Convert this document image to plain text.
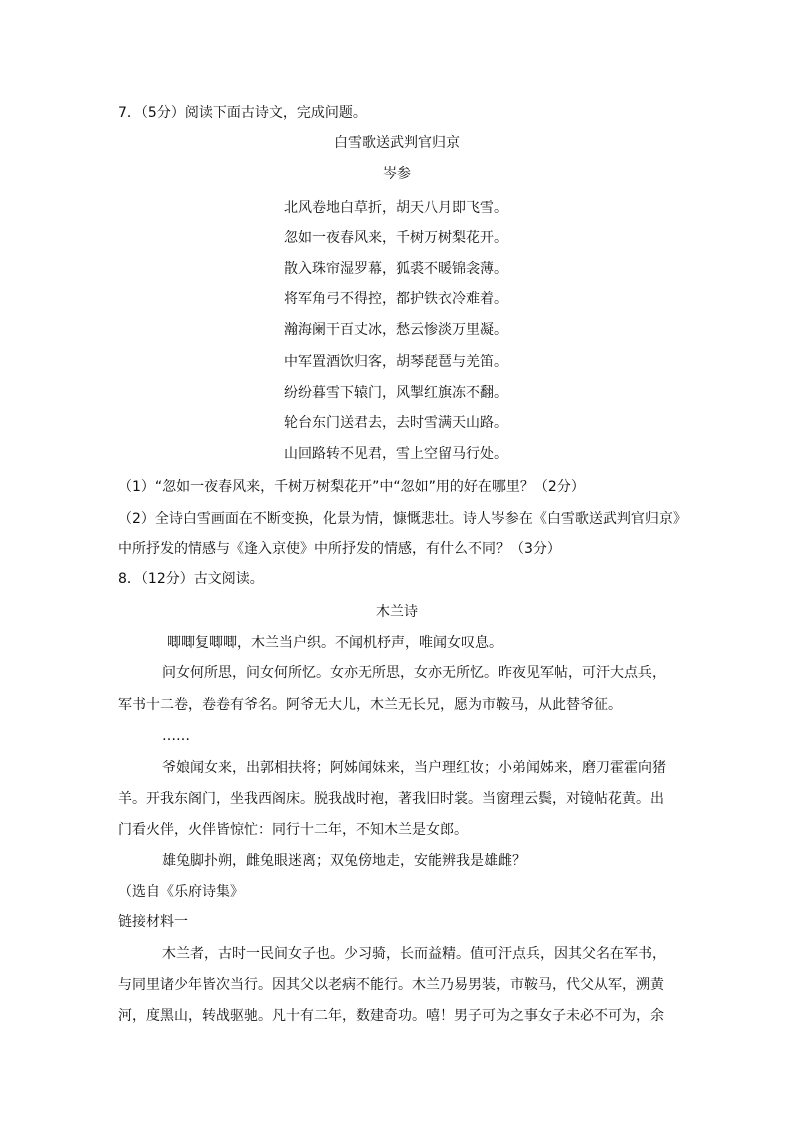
7．（5分）阅读下面古诗文，完成问题。
白雪歌送武判官归京
岑参
北风卷地白草折，胡天八月即飞雪。
忽如一夜春风来，千树万树梨花开。
散入珠帘湿罗幕，狐裘不暖锦衾薄。
将军角弓不得控，都护铁衣冷难着。
瀚海阑干百丈冰，愁云惨淡万里凝。
中军置酒饮归客，胡琴琵琶与羌笛。
纷纷暮雪下辕门，风掣红旗冻不翻。
轮台东门送君去，去时雪满天山路。
山回路转不见君，雪上空留马行处。
（1）“忽如一夜春风来，千树万树梨花开”中“忽如”用的好在哪里？（2分）
（2）全诗白雪画面在不断变换，化景为情，慷慨悲壮。诗人岑参在《白雪歌送武判官归京》
中所抒发的情感与《逢入京使》中所抒发的情感，有什么不同？（3分）
8．（12分）古文阅读。
木兰诗
唧唧复唧唧，木兰当户织。不闻机杼声，唯闻女叹息。
问女何所思，问女何所忆。女亦无所思，女亦无所忆。昨夜见军帖，可汗大点兵，
军书十二卷，卷卷有爷名。阿爷无大儿，木兰无长兄，愿为市鞍马，从此替爷征。
……
爷娘闻女来，出郭相扶将；阿姊闻妹来，当户理红妆；小弟闻姊来，磨刀霍霍向猪
羊。开我东阁门，坐我西阁床。脱我战时袍，著我旧时裳。当窗理云鬓，对镜帖花黄。出
门看火伴，火伴皆惊忙：同行十二年，不知木兰是女郎。
雄兔脚扑朔，雌兔眼迷离；双兔傍地走，安能辨我是雄雌？
（选自《乐府诗集》
链接材料一
木兰者，古时一民间女子也。少习骑，长而益精。值可汗点兵，因其父名在军书，
与同里诸少年皆次当行。因其父以老病不能行。木兰乃易男装，市鞍马，代父从军，溯黄
河，度黑山，转战驱驰。凡十有二年，数建奇功。嘻！男子可为之事女子未必不可为，余
